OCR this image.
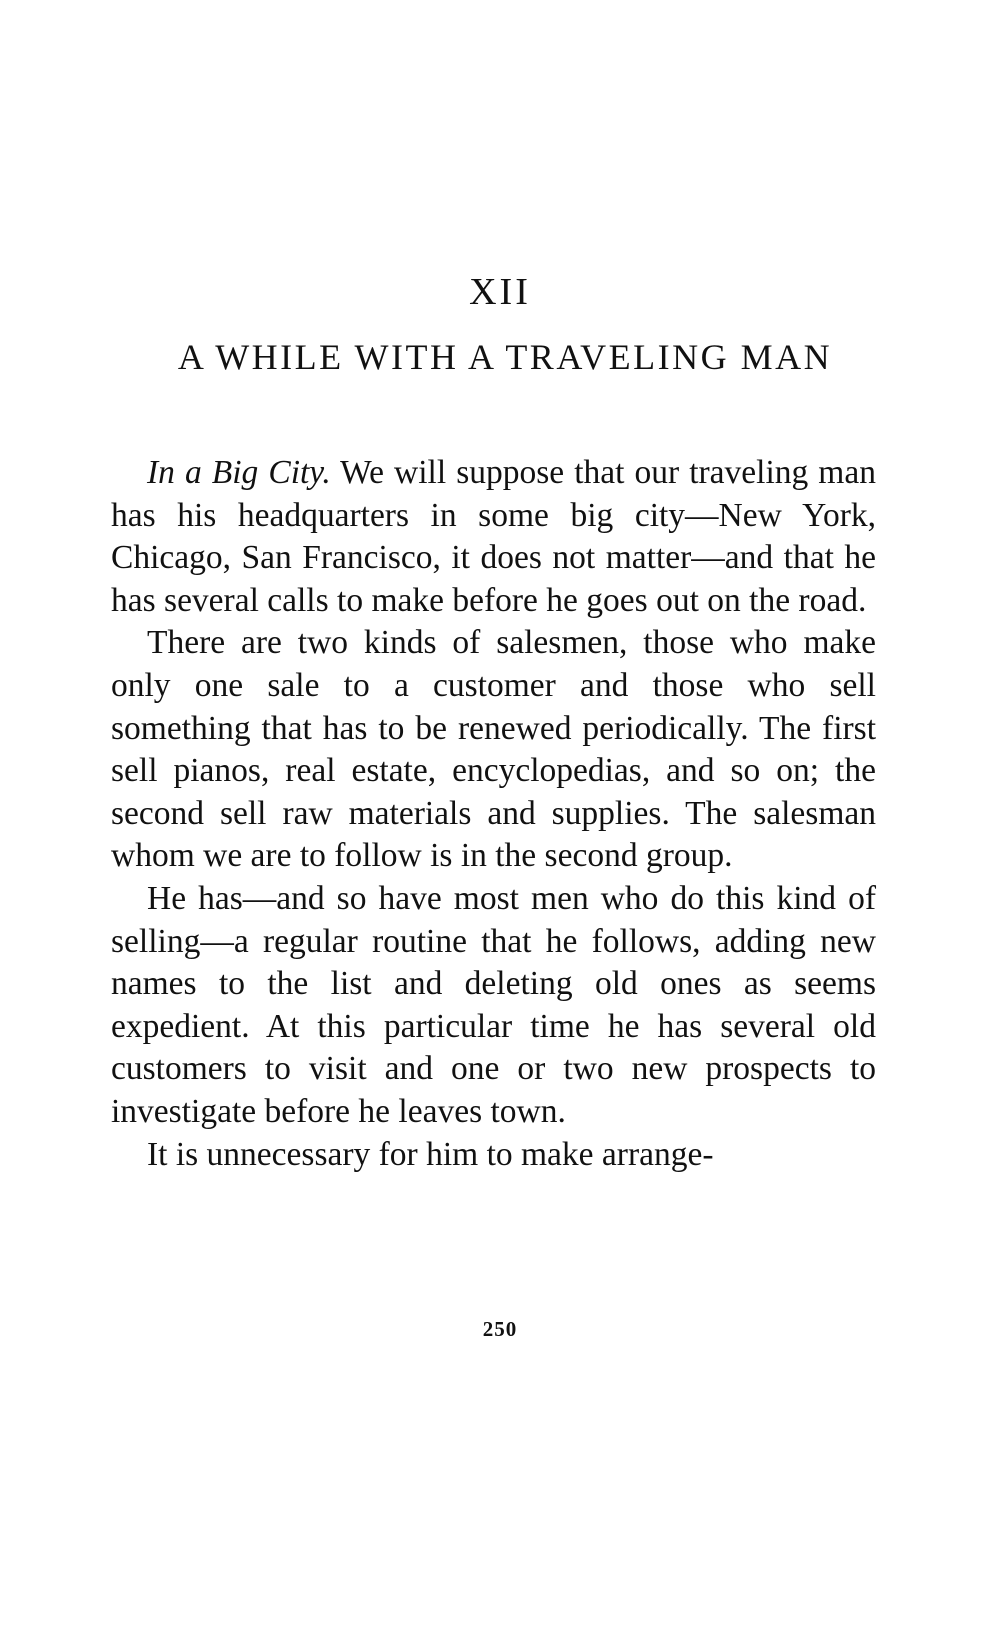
XII
A WHILE WITH A TRAVELING MAN

In a Big City. We will suppose that our traveling man has his headquarters in some big city—New York, Chicago, San Francisco, it does not matter—and that he has several calls to make before he goes out on the road.

There are two kinds of salesmen, those who make only one sale to a customer and those who sell something that has to be renewed periodically. The first sell pianos, real estate, encyclopedias, and so on; the second sell raw materials and supplies. The salesman whom we are to follow is in the second group.

He has—and so have most men who do this kind of selling—a regular routine that he follows, adding new names to the list and deleting old ones as seems expedient. At this particular time he has several old customers to visit and one or two new prospects to investigate before he leaves town.

It is unnecessary for him to make arrange-

250
